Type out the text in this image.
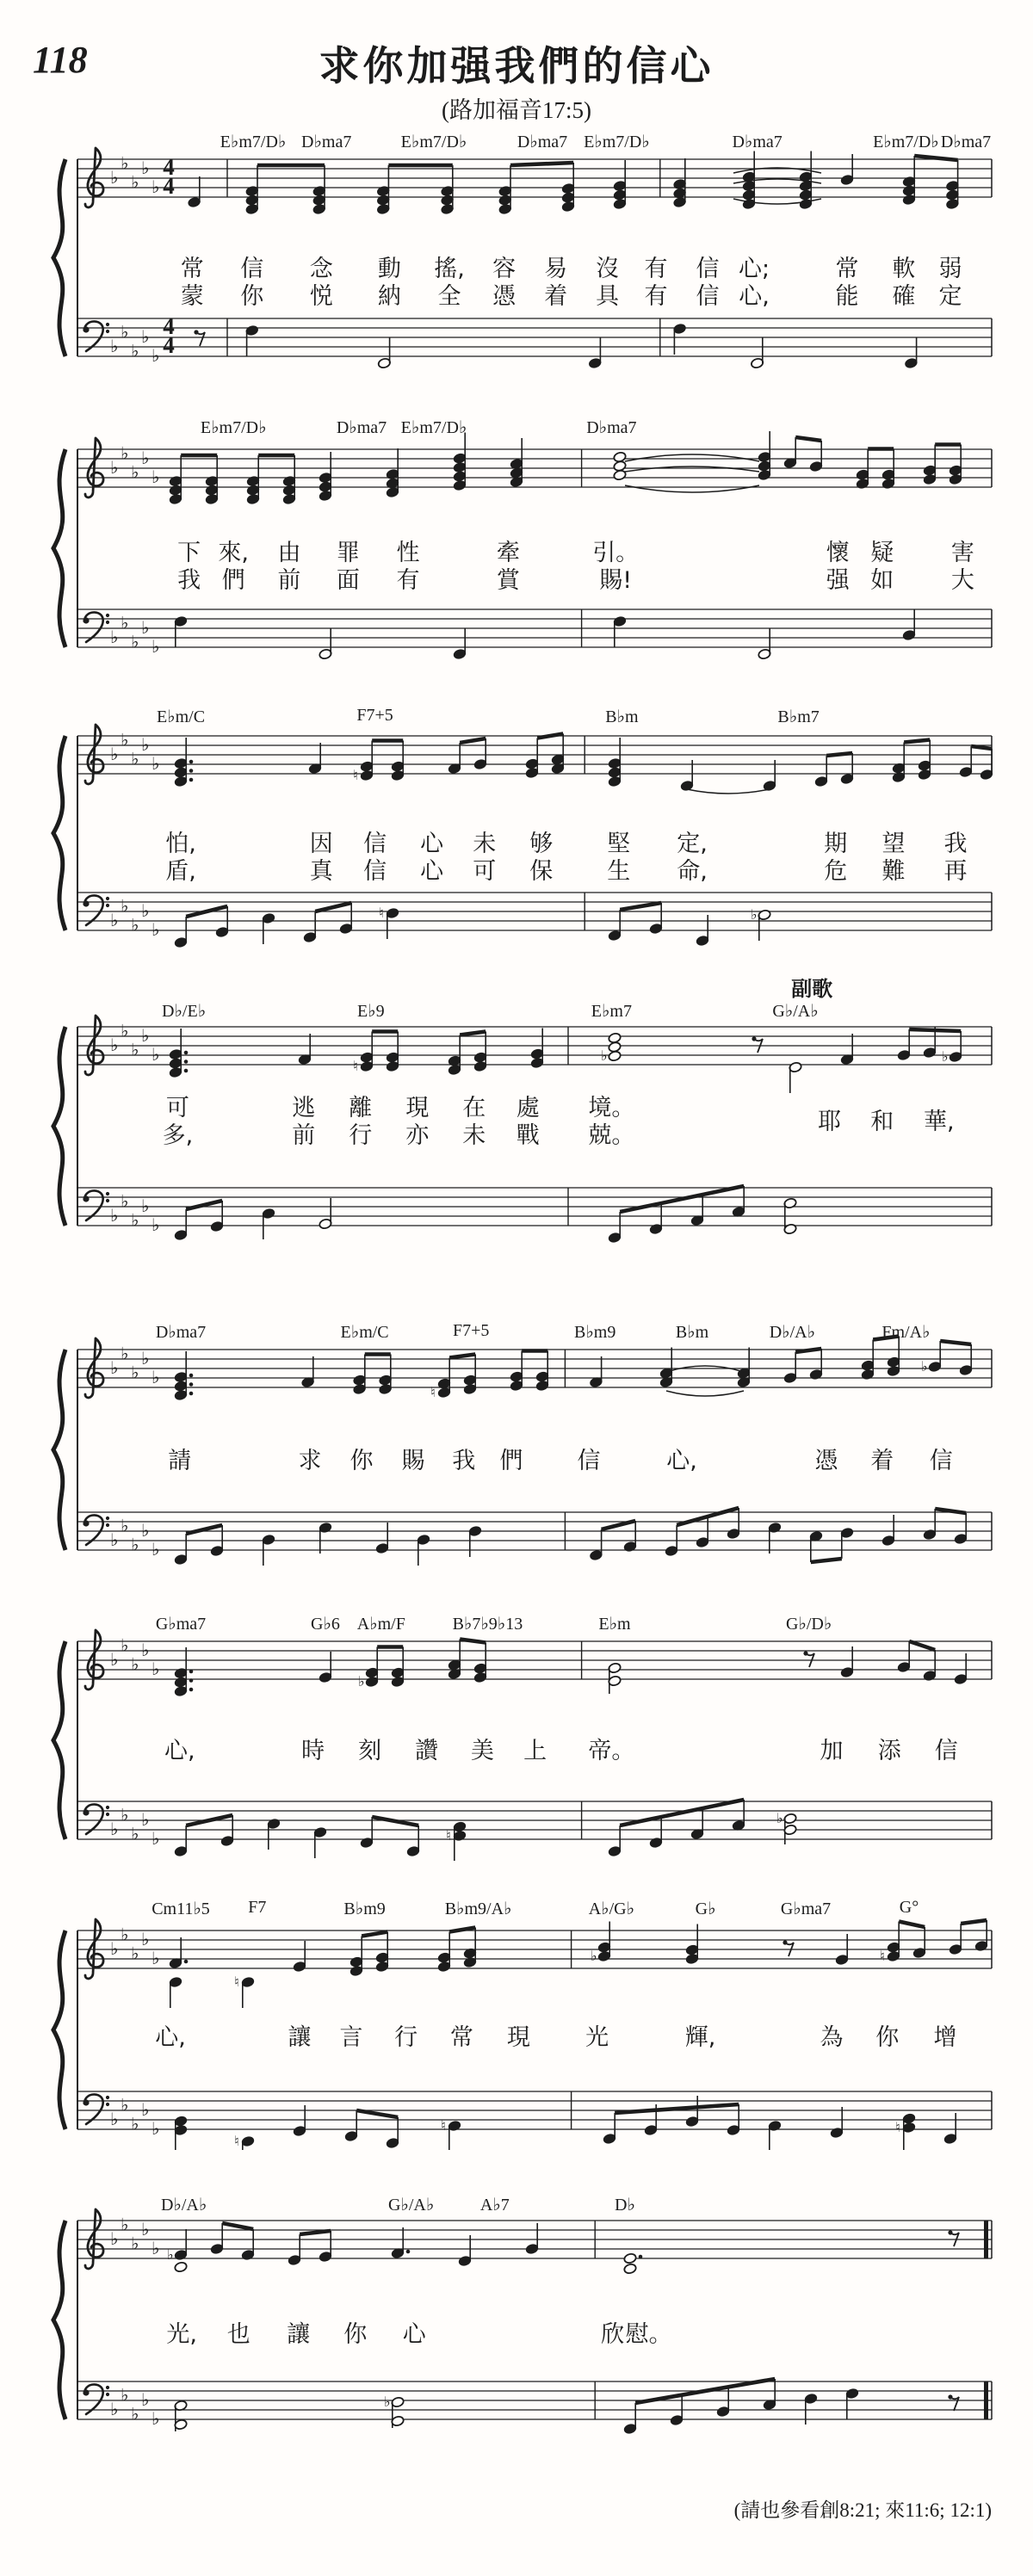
118	求你加强我們的信心
(路加福音17:5)
♭
♭
♭
♭
♭
♭
♭
♭
♭
♭
4
4
4
4
E♭m7/D♭ D♭ma7	E♭m7/D♭	D♭ma7 E♭m7/D♭	D♭ma7	E♭m7/D♭ D♭ma7
常 信 念 動 搖, 容 易 沒 有 信 心;	常 軟 弱
蒙 你 悦 納 全 憑 着 具 有 信 心,	能 確 定
♭
♭
♭
♭
♭
♭
♭
♭
♭
♭
E♭m7/D♭	D♭ma7 E♭m7/D♭	D♭ma7
下 來, 由 罪 性	牽	引。	懷 疑 害
我 們 前 面 有	賞	賜!	强 如 大
♭
♭
♭
♭
♭
♭
♭
♭
♭
♭
♮
♮	♭
E♭m/C	F7+5	B♭m	B♭m7
怕,	因 信 心 未 够 堅 定,	期 望 我
盾,	真 信 心 可 保 生 命,	危 難 再
♭
♭
♭
♭
♭
♭
♭
♭
♭
♭
♮
♭	♭
D♭/E♭	E♭9	E♭m7	G♭/A♭
副歌
可	逃 離 現 在 處 境。
耶 和 華,
多,	前 行 亦 未 戰 兢。
♭
♭
♭
♭
♭
♭
♭
♭
♭
♭
♮
♭
D♭ma7	E♭m/C	F7+5	B♭m9	B♭m	D♭/A♭	Fm/A♭
請	求 你 賜 我 們 信	心,	憑 着 信
♭
♭
♭
♭
♭
♭
♭
♭
♭
♭
♭
♮
♭
G♭ma7	G♭6 A♭m/F	B♭7♭9♭13	E♭m	G♭/D♭
心,	時 刻 讚 美 上 帝。	加 添 信
♭
♭
♭
♭
♭
♭
♭
♭
♭
♭
♮
♭	♮
♮
♮	♮
Cm11♭5 F7	B♭m9	B♭m9/A♭	A♭/G♭	G♭	G♭ma7	G°
心,	讓 言 行 常 現 光	輝,	為 你 增
♭
♭
♭
♭
♭
♭
♭
♭
♭
♭
♭
♭
D♭/A♭	G♭/A♭	A♭7	D♭
光, 也 讓 你 心	欣 慰。
(請也參看創8:21; 來11:6; 12:1)
